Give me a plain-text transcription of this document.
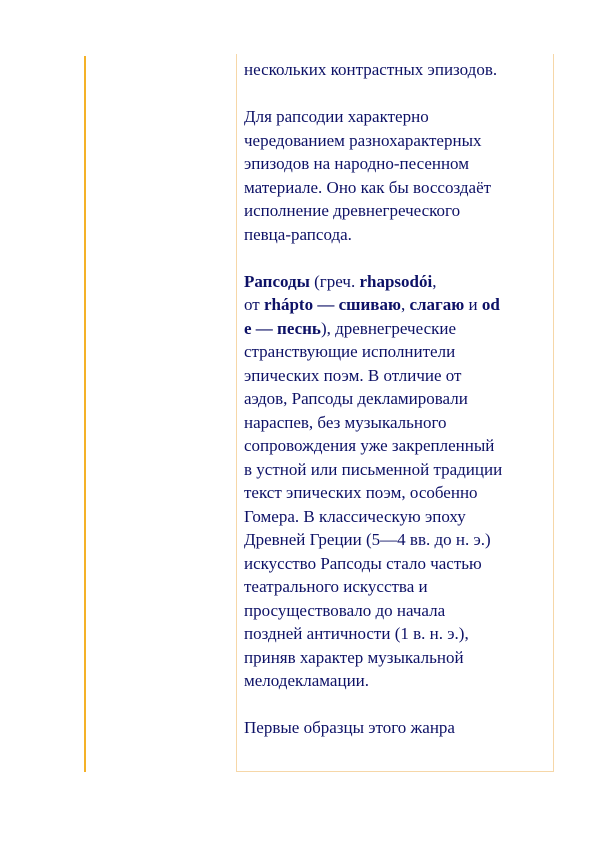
нескольких контрастных эпизодов.
Для рапсодии характерно
чередованием разнохарактерных
эпизодов на народно-песенном
материале. Оно как бы воссоздаёт
исполнение древнегреческого
певца-рапсода.
Рапсоды (греч. rhapsodói,
от rhápto — сшиваю, слагаю и od
e — песнь), древнегреческие
странствующие исполнители
эпических поэм. В отличие от
аэдов, Рапсоды декламировали
нараспев, без музыкального
сопровождения уже закрепленный
в устной или письменной традиции
текст эпических поэм, особенно
Гомера. В классическую эпоху
Древней Греции (5—4 вв. до н. э.)
искусство Рапсоды стало частью
театрального искусства и
просуществовало до начала
поздней античности (1 в. н. э.),
приняв характер музыкальной
мелодекламации.
Первые образцы этого жанра
